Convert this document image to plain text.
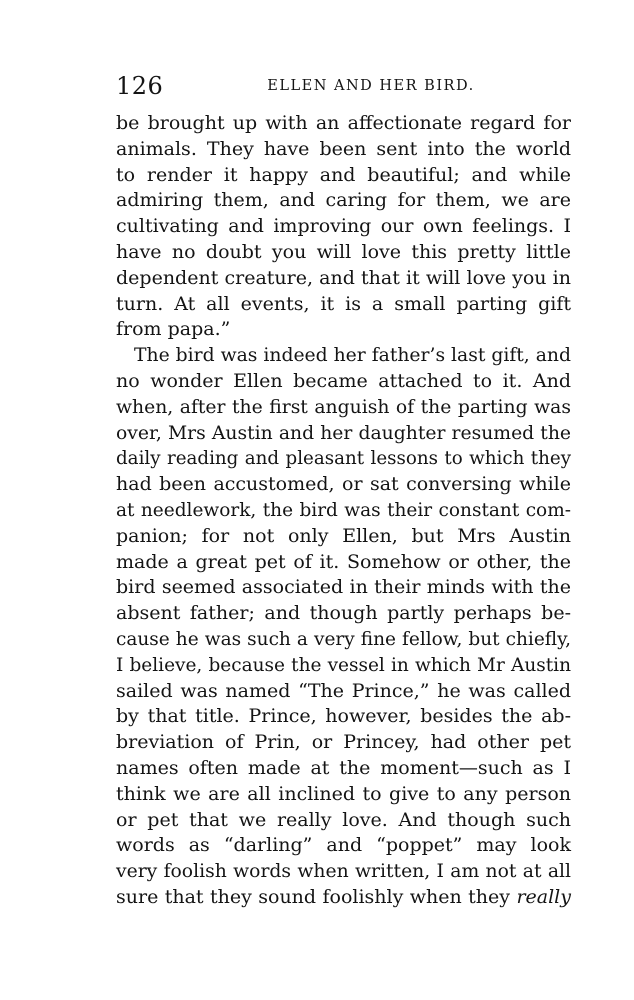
126	ELLEN AND HER BIRD.
be brought up with an affectionate regard for
animals. They have been sent into the world
to render it happy and beautiful; and while
admiring them, and caring for them, we are
cultivating and improving our own feelings. I
have no doubt you will love this pretty little
dependent creature, and that it will love you in
turn. At all events, it is a small parting gift
from papa.”
The bird was indeed her father’s last gift, and
no wonder Ellen became attached to it. And
when, after the first anguish of the parting was
over, Mrs Austin and her daughter resumed the
daily reading and pleasant lessons to which they
had been accustomed, or sat conversing while
at needlework, the bird was their constant com-
panion; for not only Ellen, but Mrs Austin
made a great pet of it. Somehow or other, the
bird seemed associated in their minds with the
absent father; and though partly perhaps be-
cause he was such a very fine fellow, but chiefly,
I believe, because the vessel in which Mr Austin
sailed was named “The Prince,” he was called
by that title. Prince, however, besides the ab-
breviation of Prin, or Princey, had other pet
names often made at the moment—such as I
think we are all inclined to give to any person
or pet that we really love. And though such
words as “darling” and “poppet” may look
very foolish words when written, I am not at all
sure that they sound foolishly when they really
